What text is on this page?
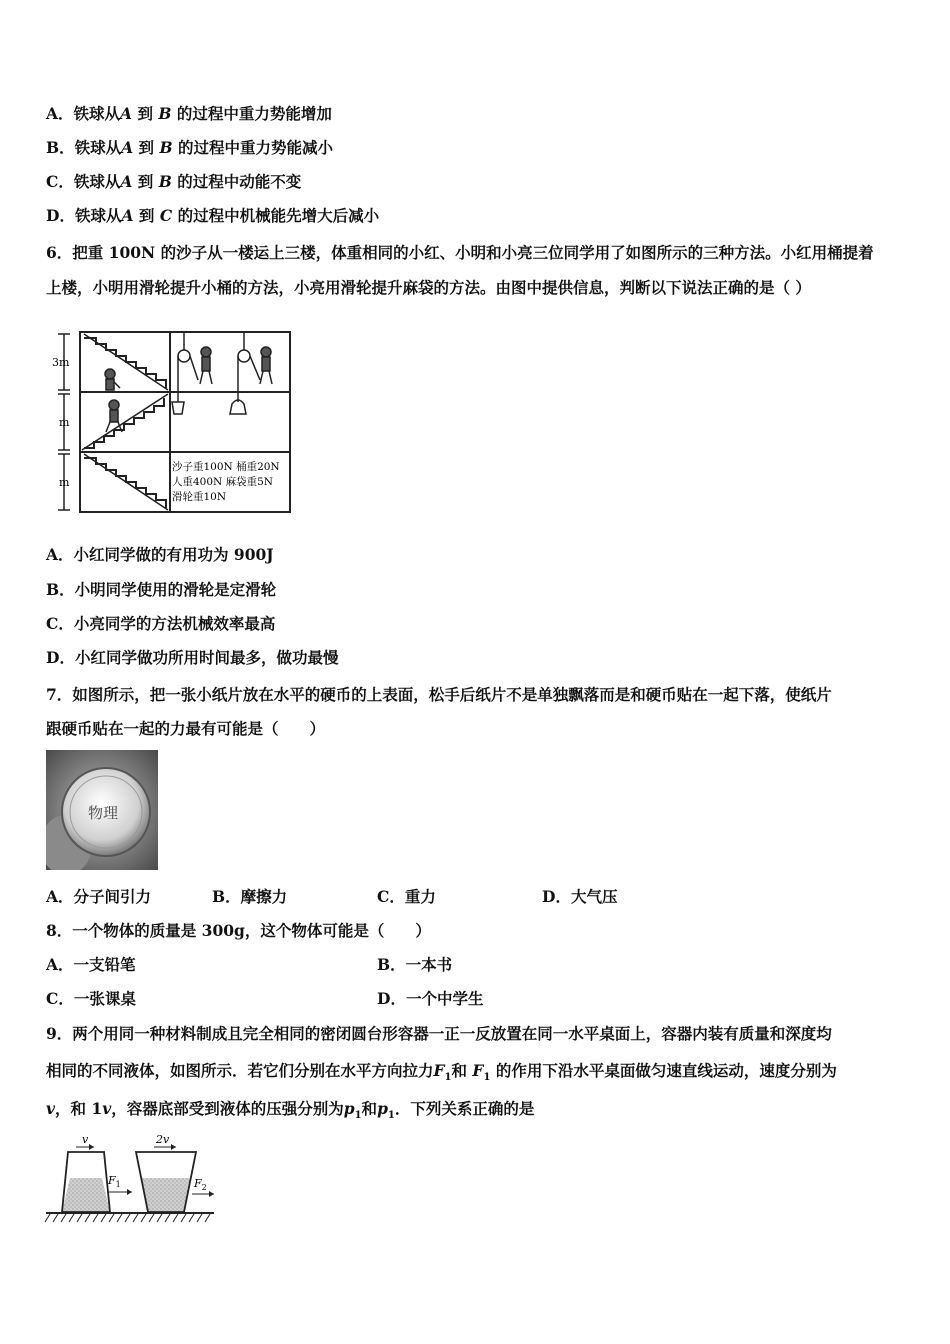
A．铁球从A 到 B 的过程中重力势能增加
B．铁球从A 到 B 的过程中重力势能减小
C．铁球从A 到 B 的过程中动能不变
D．铁球从A 到 C 的过程中机械能先增大后减小
6．把重 100N 的沙子从一楼运上三楼，体重相同的小红、小明和小亮三位同学用了如图所示的三种方法。小红用桶提着
上楼，小明用滑轮提升小桶的方法，小亮用滑轮提升麻袋的方法。由图中提供信息，判断以下说法正确的是（ ）
3m
m
m
沙子重100N 桶重20N
人重400N 麻袋重5N
滑轮重10N
A．小红同学做的有用功为 900J
B．小明同学使用的滑轮是定滑轮
C．小亮同学的方法机械效率最高
D．小红同学做功所用时间最多，做功最慢
7．如图所示，把一张小纸片放在水平的硬币的上表面，松手后纸片不是单独飘落而是和硬币贴在一起下落，使纸片
跟硬币贴在一起的力最有可能是（　　）
物理
A．分子间引力	B．摩擦力	C．重力	D．大气压
8．一个物体的质量是 300g，这个物体可能是（　　）
A．一支铅笔	B．一本书
C．一张课桌	D．一个中学生
9．两个用同一种材料制成且完全相同的密闭圆台形容器一正一反放置在同一水平桌面上，容器内装有质量和深度均
相同的不同液体，如图所示．若它们分别在水平方向拉力$F_1$和 $F_1$ 的作用下沿水平桌面做匀速直线运动，速度分别为
v，和 1v，容器底部受到液体的压强分别为$p_1$和$p_1$．下列关系正确的是
v	2v
$F_1$	$F_2$
